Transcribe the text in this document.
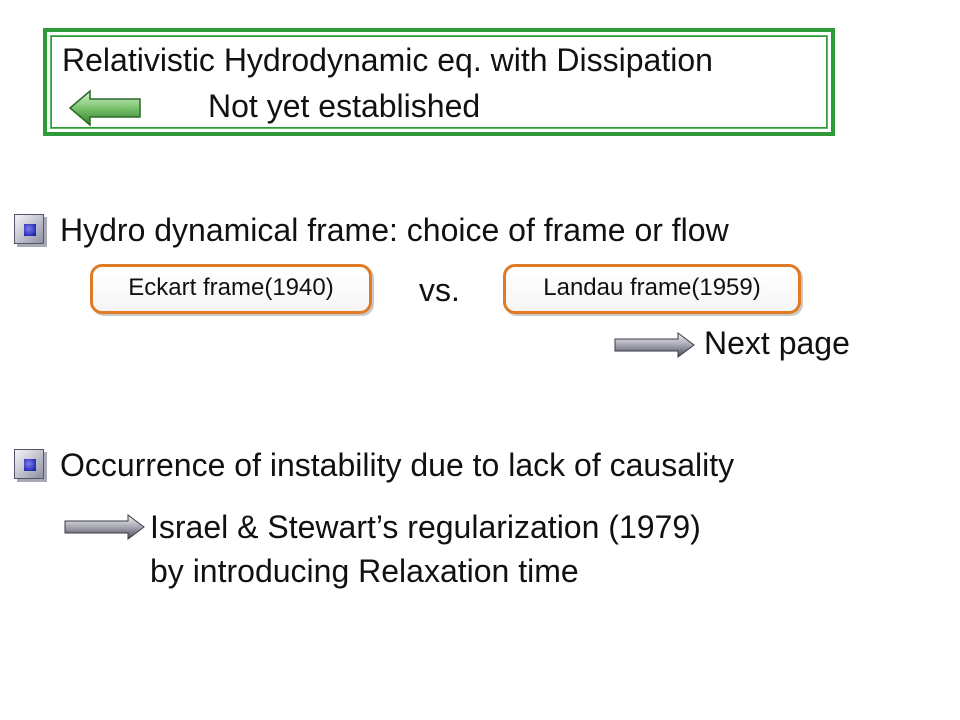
Relativistic Hydrodynamic eq. with Dissipation
Not yet established
Hydro dynamical frame: choice of frame or flow
Eckart frame(1940)	vs.	Landau frame(1959)
Next page
Occurrence of instability due to lack of causality
Israel & Stewart’s regularization (1979)
by introducing Relaxation time
